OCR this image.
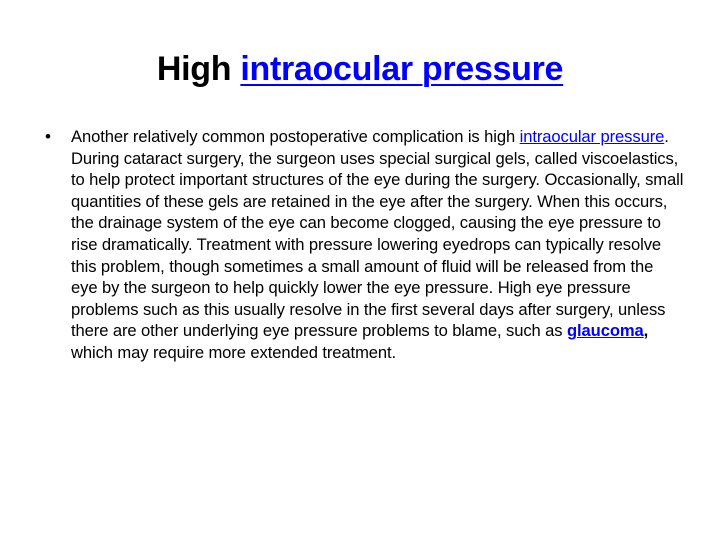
High intraocular pressure
•	Another relatively common postoperative complication is high intraocular pressure. During cataract surgery, the surgeon uses special surgical gels, called viscoelastics, to help protect important structures of the eye during the surgery. Occasionally, small quantities of these gels are retained in the eye after the surgery. When this occurs, the drainage system of the eye can become clogged, causing the eye pressure to rise dramatically. Treatment with pressure lowering eyedrops can typically resolve this problem, though sometimes a small amount of fluid will be released from the eye by the surgeon to help quickly lower the eye pressure. High eye pressure problems such as this usually resolve in the first several days after surgery, unless there are other underlying eye pressure problems to blame, such as glaucoma, which may require more extended treatment.
